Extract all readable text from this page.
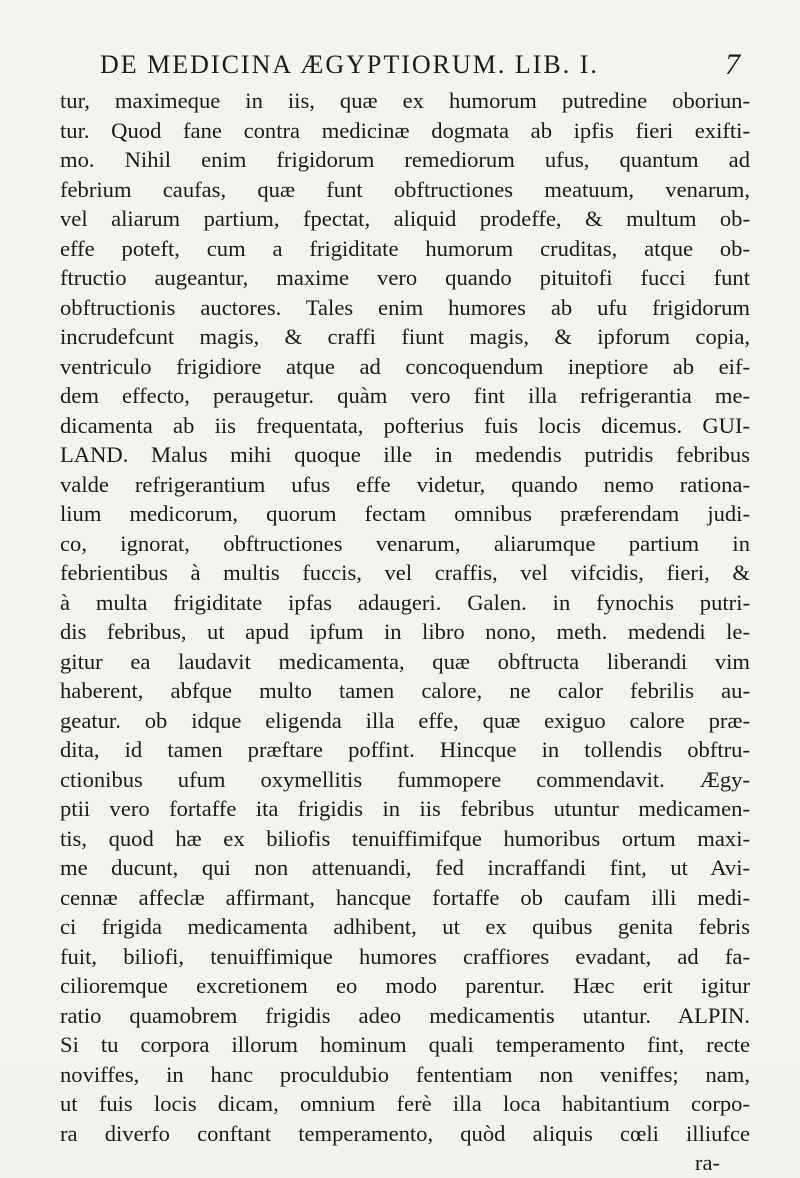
DE MEDICINA ÆGYPTIORUM. LIB. I.	7
tur, maximeque in iis, quæ ex humorum putredine oboriun-
tur. Quod fane contra medicinæ dogmata ab ipfis fieri exifti-
mo. Nihil enim frigidorum remediorum ufus, quantum ad
febrium caufas, quæ funt obftructiones meatuum, venarum,
vel aliarum partium, fpectat, aliquid prodeffe, & multum ob-
effe poteft, cum a frigiditate humorum cruditas, atque ob-
ftructio augeantur, maxime vero quando pituitofi fucci funt
obftructionis auctores. Tales enim humores ab ufu frigidorum
incrudefcunt magis, & craffi fiunt magis, & ipforum copia,
ventriculo frigidiore atque ad concoquendum ineptiore ab eif-
dem effecto, peraugetur. quàm vero fint illa refrigerantia me-
dicamenta ab iis frequentata, pofterius fuis locis dicemus. GUI-
LAND. Malus mihi quoque ille in medendis putridis febribus
valde refrigerantium ufus effe videtur, quando nemo rationa-
lium medicorum, quorum fectam omnibus præferendam judi-
co, ignorat, obftructiones venarum, aliarumque partium in
febrientibus à multis fuccis, vel craffis, vel vifcidis, fieri, &
à multa frigiditate ipfas adaugeri. Galen. in fynochis putri-
dis febribus, ut apud ipfum in libro nono, meth. medendi le-
gitur ea laudavit medicamenta, quæ obftructa liberandi vim
haberent, abfque multo tamen calore, ne calor febrilis au-
geatur. ob idque eligenda illa effe, quæ exiguo calore præ-
dita, id tamen præftare poffint. Hincque in tollendis obftru-
ctionibus ufum oxymellitis fummopere commendavit. Ægy-
ptii vero fortaffe ita frigidis in iis febribus utuntur medicamen-
tis, quod hæ ex biliofis tenuiffimifque humoribus ortum maxi-
me ducunt, qui non attenuandi, fed incraffandi fint, ut Avi-
cennæ affeclæ affirmant, hancque fortaffe ob caufam illi medi-
ci frigida medicamenta adhibent, ut ex quibus genita febris
fuit, biliofi, tenuiffimique humores craffiores evadant, ad fa-
cilioremque excretionem eo modo parentur. Hæc erit igitur
ratio quamobrem frigidis adeo medicamentis utantur. ALPIN.
Si tu corpora illorum hominum quali temperamento fint, recte
noviffes, in hanc proculdubio fententiam non veniffes; nam,
ut fuis locis dicam, omnium ferè illa loca habitantium corpo-
ra diverfo conftant temperamento, quòd aliquis cœli illiufce
ra-
